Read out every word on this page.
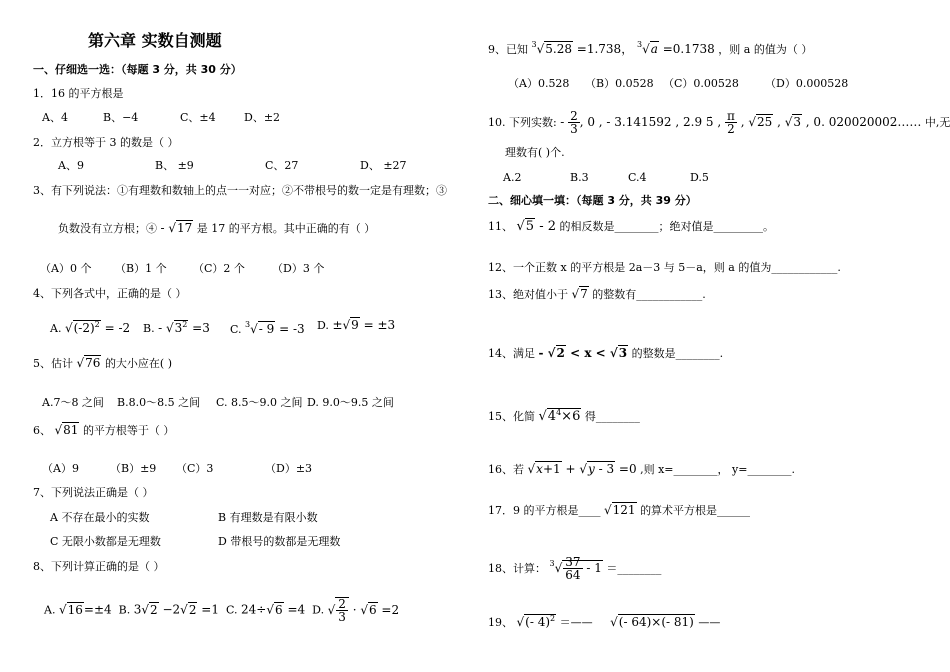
第六章 实数自测题
一、仔细选一选：（每题 3 分，共 30 分）
1．16 的平方根是
A、4	B、−4	C、±4	D、±2
2．立方根等于 3 的数是（ ）
A、9	B、 ±9	C、27	D、 ±27
3、有下列说法：①有理数和数轴上的点一一对应；②不带根号的数一定是有理数；③
负数没有立方根；④ - √17 是 17 的平方根。其中正确的有（ ）
（A）0 个 （B）1 个 （C）2 个 （D）3 个
4、下列各式中，正确的是（ ）
A. $√(-2)^2 = -2$ B. - $√3^2 =3$ C. $^3$√- 9 = -3 D. ±√9 = ±3
5、估计 √76 的大小应在( )
A.7～8 之间 B.8.0～8.5 之间 C. 8.5～9.0 之间 D. 9.0～9.5 之间
6、 √81 的平方根等于（ ）
（A）9	（B）±9 （C）3	（D）±3
7、下列说法正确是（ ）
A 不存在最小的实数	B 有理数是有限小数
C 无限小数都是无理数	D 带根号的数都是无理数
8、下列计算正确的是（ ）
A. √16=±4 B. 3√2 −2√2 =1 C. 24÷√6 =4 D. √ $\frac{2}{3} \cdot √6 =2$
9、已知 $^3$√5.28 =1.738， $^3$√a =0.1738 ，则 a 的值为（ ）
（A）0.528 （B）0.0528 （C）0.00528 （D）0.000528
10. 下列实数: - $\frac{2}{3}$ , 0 , - 3.141592 , 2.9 5̇ , $\frac{\pi}{2}$ , √25 , √3 , 0. 020020002…… 中,无
理数有( )个.
A.2	B.3	C.4	D.5
二、细心填一填：（每题 3 分，共 39 分）
11、 √5 - 2 的相反数是________；绝对值是_________。
12、一个正数 x 的平方根是 2a－3 与 5－a，则 a 的值为____________.
13、绝对值小于 √7 的整数有____________.
14、满足 - √2 < x < √3 的整数是________.
15、化简 $√4^4\times 6$ 得________
16、若 √x+1 + √y - 3 =0 ,则 x=________， y=________.
17．9 的平方根是____ √121 的算术平方根是______
18、计算： $^3√ \frac{37}{64} - 1$ ＝________
19、 √(- 4)$^2$ ＝—— √(- 64)×(- 81) ——
